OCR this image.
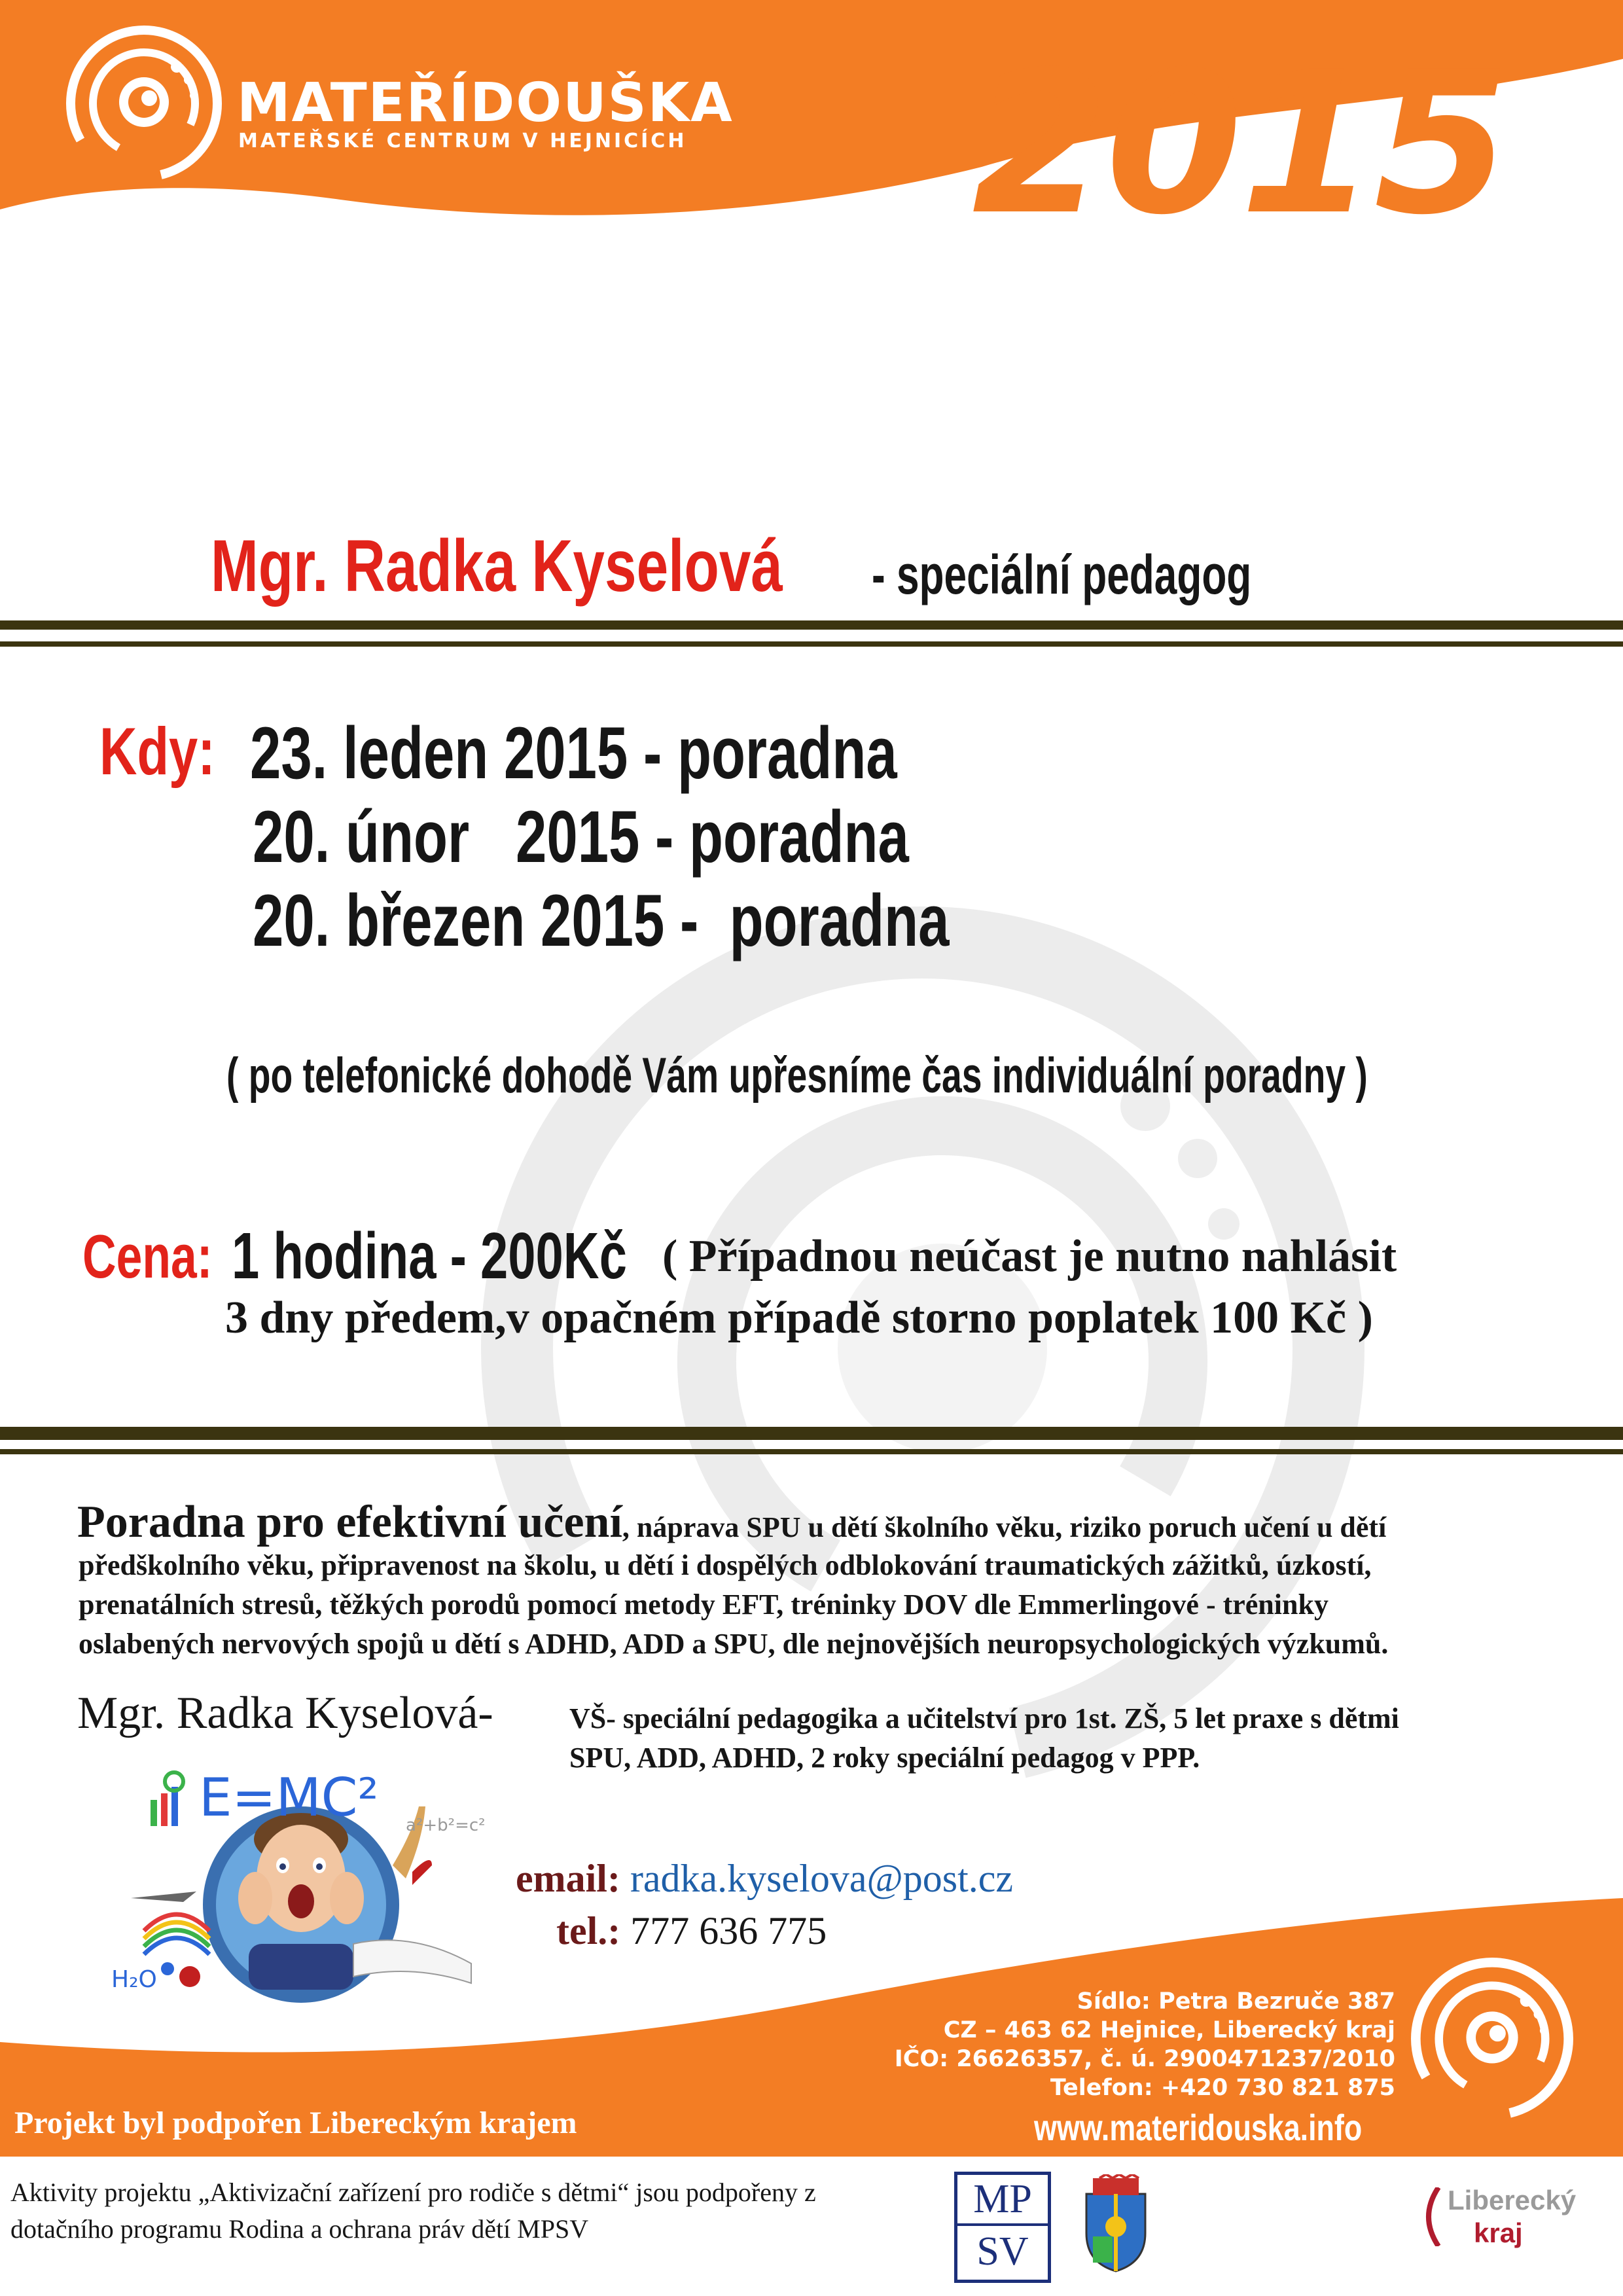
MATEŘÍDOUŠKA
MATEŘSKÉ CENTRUM V HEJNICÍCH 2015
Mgr. Radka Kyselová	- speciální pedagog
Kdy: 23. leden 2015 - poradna
20. únor   2015 - poradna
20. březen 2015 -  poradna
( po telefonické dohodě Vám upřesníme čas individuální poradny )
Cena: 1 hodina - 200Kč ( Případnou neúčast je nutno nahlásit
3 dny předem,v opačném případě storno poplatek 100 Kč )
Poradna pro efektivní učení, náprava SPU u dětí školního věku, riziko poruch učení u dětí
předškolního věku, připravenost na školu, u dětí i dospělých odblokování traumatických zážitků, úzkostí,
prenatálních stresů, těžkých porodů pomocí metody EFT, tréninky DOV dle Emmerlingové - tréninky
oslabených nervových spojů u dětí s ADHD, ADD a SPU, dle nejnovějších neuropsychologických výzkumů.
Mgr. Radka Kyselová-	VŠ- speciální pedagogika a učitelství pro 1st. ZŠ, 5 let praxe s dětmi
SPU, ADD, ADHD, 2 roky speciální pedagog v PPP.
E=MC² a²+b²=c²
H₂O
email: radka.kyselova@post.cz
tel.: 777 636 775
Sídlo: Petra Bezruče 387
CZ – 463 62 Hejnice, Liberecký kraj
IČO: 26626357, č. ú. 2900471237/2010
Telefon: +420 730 821 875
www.materidouska.info
Projekt byl podpořen Libereckým krajem
Aktivity projektu „Aktivizační zařízení pro rodiče s dětmi“ jsou podpořeny z
dotačního programu Rodina a ochrana práv dětí MPSV
MP
SV
Liberecký
kraj
